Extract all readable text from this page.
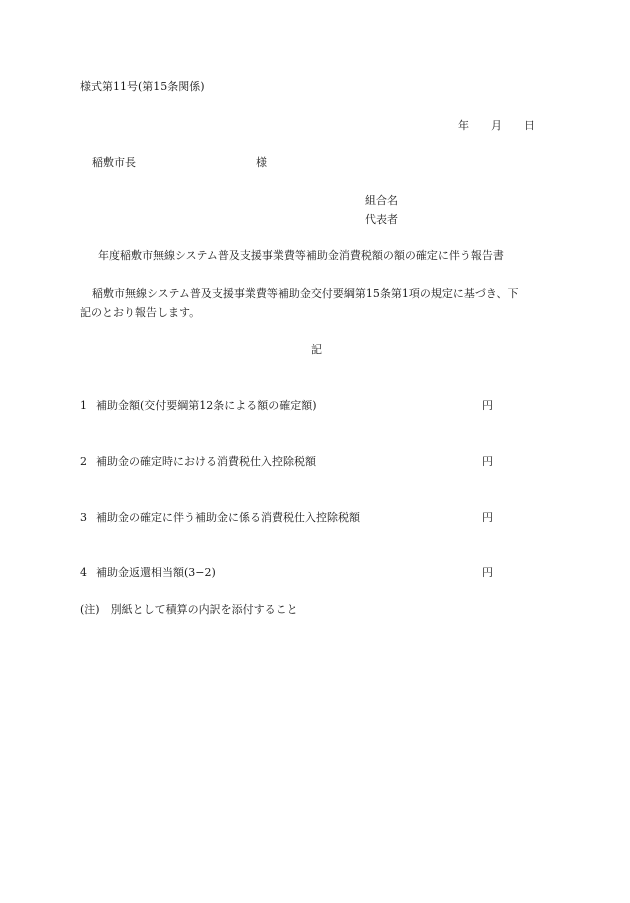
様式第11号(第15条関係)
年 月 日
稲敷市長	様
組合名
代表者
年度稲敷市無線システム普及支援事業費等補助金消費税額の額の確定に伴う報告書
稲敷市無線システム普及支援事業費等補助金交付要綱第15条第1項の規定に基づき、下
記のとおり報告します。
記
1 補助金額(交付要綱第12条による額の確定額)	円
2 補助金の確定時における消費税仕入控除税額	円
3 補助金の確定に伴う補助金に係る消費税仕入控除税額	円
4 補助金返還相当額(3−2)	円
(注)　別紙として積算の内訳を添付すること
